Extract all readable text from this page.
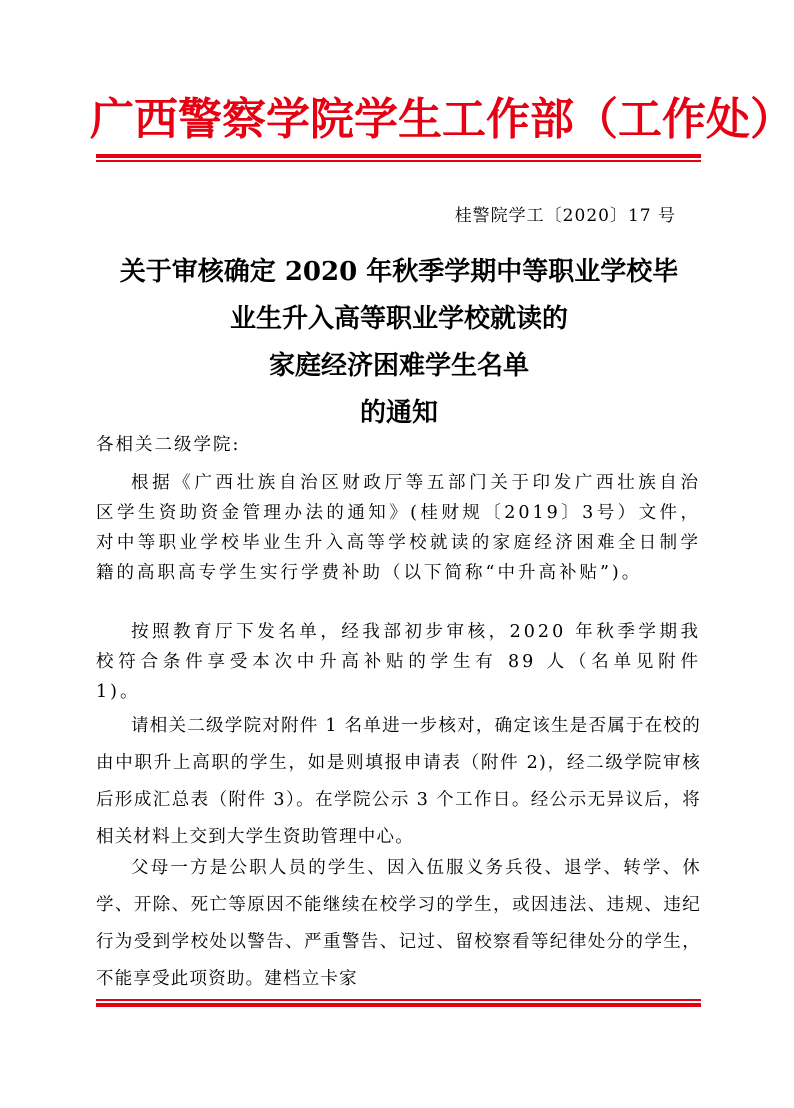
广西警察学院学生工作部（工作处）
桂警院学工〔2020〕17 号
关于审核确定 2020 年秋季学期中等职业学校毕
业生升入高等职业学校就读的
家庭经济困难学生名单
的通知
各相关二级学院:
根据《广西壮族自治区财政厅等五部门关于印发广西壮族自治区学生资助资金管理办法的通知》(桂财规〔2019〕3号）文件，对中等职业学校毕业生升入高等学校就读的家庭经济困难全日制学籍的高职高专学生实行学费补助（以下简称“中升高补贴”)。
按照教育厅下发名单，经我部初步审核，2020 年秋季学期我校符合条件享受本次中升高补贴的学生有 89 人（名单见附件 1)。
请相关二级学院对附件 1 名单进一步核对，确定该生是否属于在校的由中职升上高职的学生，如是则填报申请表（附件 2)，经二级学院审核后形成汇总表（附件 3）。在学院公示 3 个工作日。经公示无异议后，将相关材料上交到大学生资助管理中心。
父母一方是公职人员的学生、因入伍服义务兵役、退学、转学、休学、开除、死亡等原因不能继续在校学习的学生，或因违法、违规、违纪行为受到学校处以警告、严重警告、记过、留校察看等纪律处分的学生，不能享受此项资助。建档立卡家
